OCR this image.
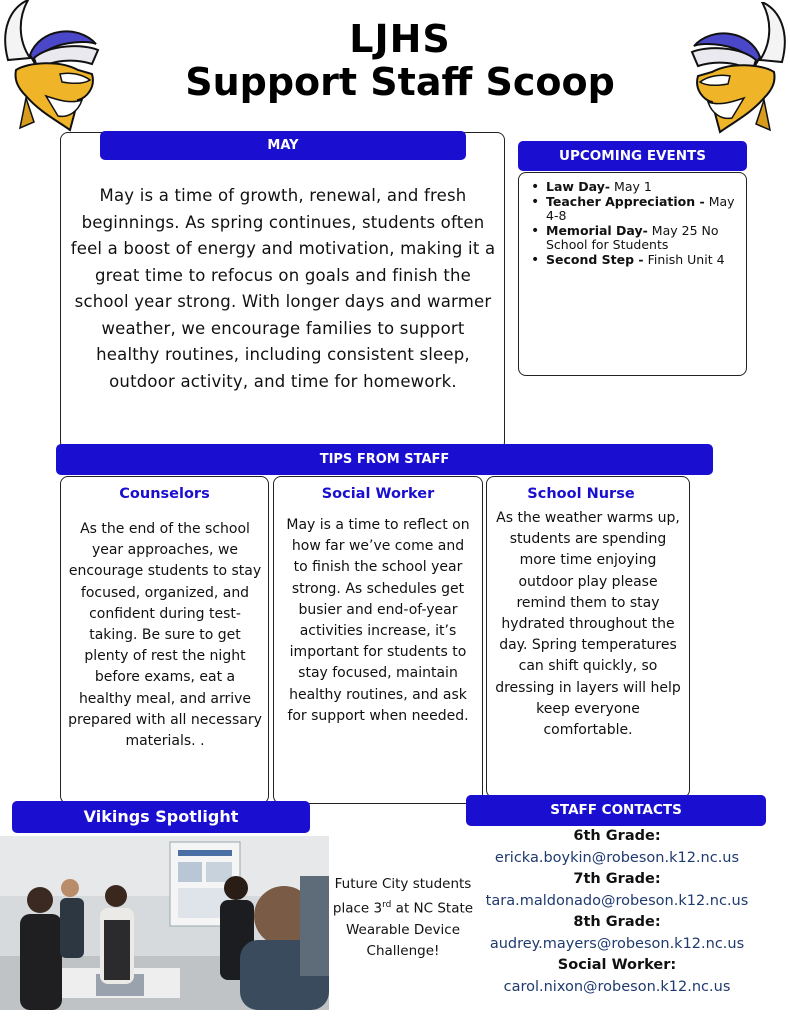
LJHS
Support Staff Scoop
MAY
May is a time of growth, renewal, and fresh beginnings. As spring continues, students often feel a boost of energy and motivation, making it a great time to refocus on goals and finish the school year strong. With longer days and warmer weather, we encourage families to support healthy routines, including consistent sleep, outdoor activity, and time for homework.
UPCOMING EVENTS
• Law Day- May 1
• Teacher Appreciation - May 4-8
• Memorial Day- May 25 No School for Students
• Second Step - Finish Unit 4
TIPS FROM STAFF
Counselors
As the end of the school year approaches, we encourage students to stay focused, organized, and confident during test-taking. Be sure to get plenty of rest the night before exams, eat a healthy meal, and arrive prepared with all necessary materials. .
Social Worker
May is a time to reflect on how far we’ve come and to finish the school year strong. As schedules get busier and end-of-year activities increase, it’s important for students to stay focused, maintain healthy routines, and ask for support when needed.
School Nurse
As the weather warms up, students are spending more time enjoying outdoor play please remind them to stay hydrated throughout the day. Spring temperatures can shift quickly, so dressing in layers will help keep everyone comfortable.
Vikings Spotlight
Future City students place 3rd at NC State Wearable Device Challenge!
STAFF CONTACTS
6th Grade:
ericka.boykin@robeson.k12.nc.us
7th Grade:
tara.maldonado@robeson.k12.nc.us
8th Grade:
audrey.mayers@robeson.k12.nc.us
Social Worker:
carol.nixon@robeson.k12.nc.us
